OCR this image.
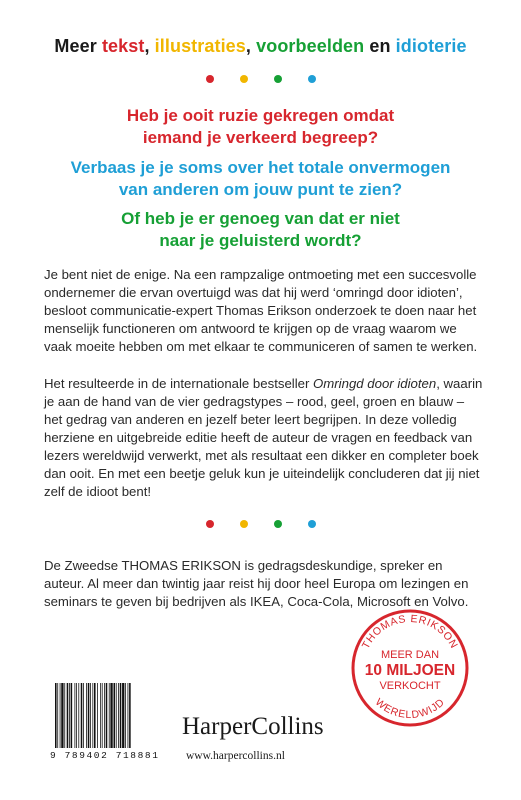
Meer tekst, illustraties, voorbeelden en idioterie
Heb je ooit ruzie gekregen omdat
iemand je verkeerd begreep?
Verbaas je je soms over het totale onvermogen
van anderen om jouw punt te zien?
Of heb je er genoeg van dat er niet
naar je geluisterd wordt?

Je bent niet de enige. Na een rampzalige ontmoeting met een succesvolle ondernemer die ervan overtuigd was dat hij werd ‘omringd door idioten’, besloot communicatie-expert Thomas Erikson onderzoek te doen naar het menselijk functioneren om antwoord te krijgen op de vraag waarom we vaak moeite hebben om met elkaar te communiceren of samen te werken.

Het resulteerde in de internationale bestseller Omringd door idioten, waarin je aan de hand van de vier gedragstypes – rood, geel, groen en blauw – het gedrag van anderen en jezelf beter leert begrijpen. In deze volledig herziene en uitgebreide editie heeft de auteur de vragen en feedback van lezers wereldwijd verwerkt, met als resultaat een dikker en completer boek dan ooit. En met een beetje geluk kun je uiteindelijk concluderen dat jij niet zelf de idioot bent!

De Zweedse THOMAS ERIKSON is gedragsdeskundige, spreker en auteur. Al meer dan twintig jaar reist hij door heel Europa om lezingen en seminars te geven bij bedrijven als IKEA, Coca-Cola, Microsoft en Volvo.

THOMAS ERIKSON
WERELDWIJD
MEER DAN
10 MILJOEN
VERKOCHT
9 789402 718881
HarperCollins
www.harpercollins.nl
